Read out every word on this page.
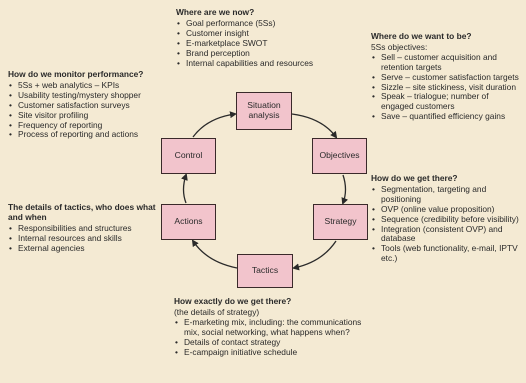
Situation analysis
Objectives
Strategy
Tactics
Actions
Control
Where are we now?
• Goal performance (5Ss)
• Customer insight
• E-marketplace SWOT
• Brand perception
• Internal capabilities and resources
Where do we want to be?
5Ss objectives:
• Sell – customer acquisition and retention targets
• Serve – customer satisfaction targets
• Sizzle – site stickiness, visit duration
• Speak – trialogue; number of engaged customers
• Save – quantified efficiency gains
How do we monitor performance?
• 5Ss + web analytics – KPIs
• Usability testing/mystery shopper
• Customer satisfaction surveys
• Site visitor profiling
• Frequency of reporting
• Process of reporting and actions
The details of tactics, who does what and when
• Responsibilities and structures
• Internal resources and skills
• External agencies
How do we get there?
• Segmentation, targeting and positioning
• OVP (online value proposition)
• Sequence (credibility before visibility)
• Integration (consistent OVP) and database
• Tools (web functionality, e-mail, IPTV etc.)
How exactly do we get there?
(the details of strategy)
• E-marketing mix, including: the communications mix, social networking, what happens when?
• Details of contact strategy
• E-campaign initiative schedule
